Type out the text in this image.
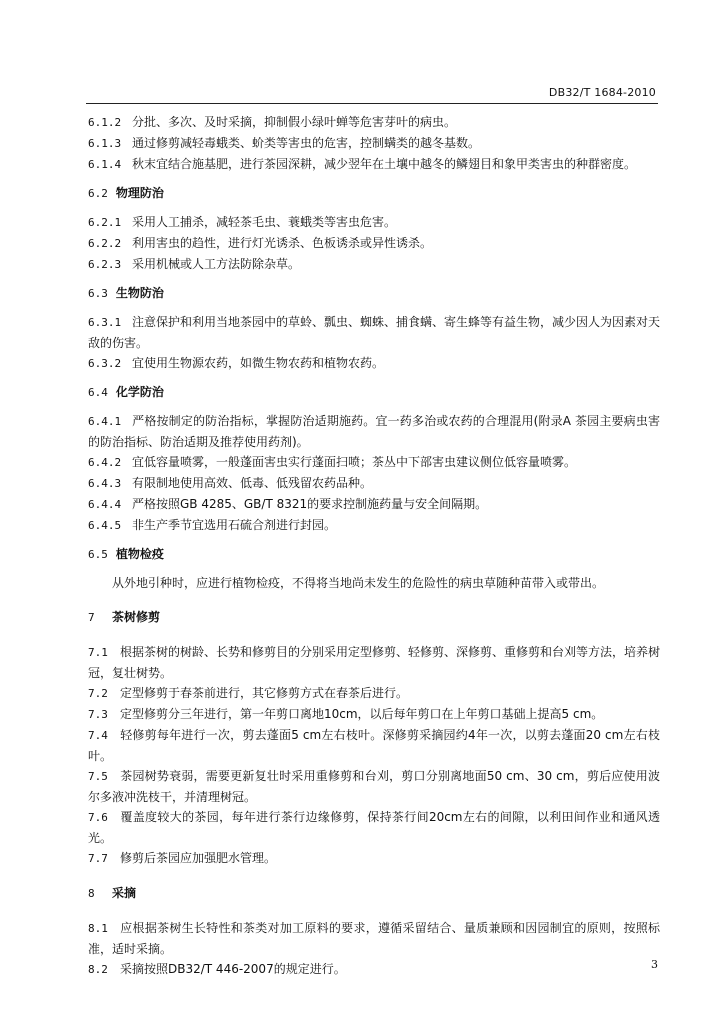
DB32/T 1684-2010

6.1.2 分批、多次、及时采摘，抑制假小绿叶蝉等危害芽叶的病虫。

6.1.3 通过修剪减轻毒蛾类、蚧类等害虫的危害，控制螨类的越冬基数。

6.1.4 秋末宜结合施基肥，进行茶园深耕，减少翌年在土壤中越冬的鳞翅目和象甲类害虫的种群密度。

6.2 物理防治

6.2.1 采用人工捕杀，减轻茶毛虫、蓑蛾类等害虫危害。

6.2.2 利用害虫的趋性，进行灯光诱杀、色板诱杀或异性诱杀。

6.2.3 采用机械或人工方法防除杂草。

6.3 生物防治

6.3.1 注意保护和利用当地茶园中的草蛉、瓢虫、蜘蛛、捕食螨、寄生蜂等有益生物，减少因人为因素对天敌的伤害。

6.3.2 宜使用生物源农药，如微生物农药和植物农药。

6.4 化学防治

6.4.1 严格按制定的防治指标，掌握防治适期施药。宜一药多治或农药的合理混用(附录A 茶园主要病虫害的防治指标、防治适期及推荐使用药剂)。

6.4.2 宜低容量喷雾，一般蓬面害虫实行蓬面扫喷；茶丛中下部害虫建议侧位低容量喷雾。

6.4.3 有限制地使用高效、低毒、低残留农药品种。

6.4.4 严格按照GB 4285、GB/T 8321的要求控制施药量与安全间隔期。

6.4.5 非生产季节宜选用石硫合剂进行封园。

6.5 植物检疫

从外地引种时，应进行植物检疫，不得将当地尚未发生的危险性的病虫草随种苗带入或带出。

7 茶树修剪

7.1 根据茶树的树龄、长势和修剪目的分别采用定型修剪、轻修剪、深修剪、重修剪和台刈等方法，培养树冠，复壮树势。

7.2 定型修剪于春茶前进行，其它修剪方式在春茶后进行。

7.3 定型修剪分三年进行，第一年剪口离地10cm，以后每年剪口在上年剪口基础上提高5 cm。

7.4 轻修剪每年进行一次，剪去蓬面5 cm左右枝叶。深修剪采摘园约4年一次，以剪去蓬面20 cm左右枝叶。

7.5 茶园树势衰弱，需要更新复壮时采用重修剪和台刈，剪口分别离地面50 cm、30 cm，剪后应使用波尔多液冲洗枝干，并清理树冠。

7.6 覆盖度较大的茶园，每年进行茶行边缘修剪，保持茶行间20cm左右的间隙，以利田间作业和通风透光。

7.7 修剪后茶园应加强肥水管理。

8 采摘

8.1 应根据茶树生长特性和茶类对加工原料的要求，遵循采留结合、量质兼顾和因园制宜的原则，按照标准，适时采摘。

8.2 采摘按照DB32/T 446-2007的规定进行。	3
